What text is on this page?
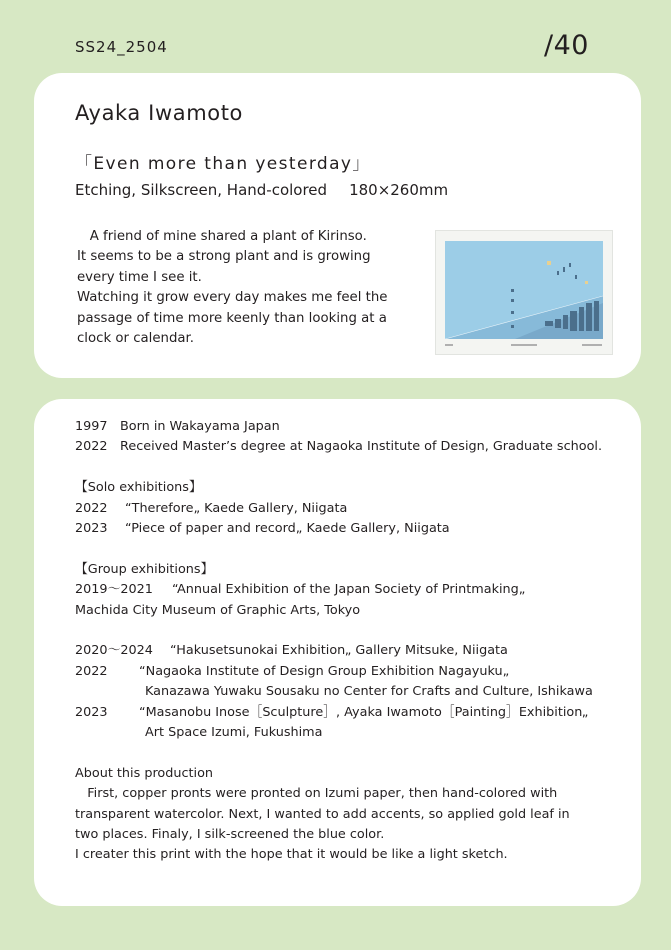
SS24_2504	/40
Ayaka Iwamoto
「Even more than yesterday」
Etching, Silkscreen, Hand-colored 180×260mm

A friend of mine shared a plant of Kirinso.

It seems to be a strong plant and is growing

every time I see it.

Watching it grow every day makes me feel the

passage of time more keenly than looking at a

clock or calendar.

1997 Born in Wakayama Japan
2022 Received Master’s degree at Nagaoka Institute of Design, Graduate school.
【Solo exhibitions】
2022	“Therefore„ Kaede Gallery, Niigata
2023	“Piece of paper and record„ Kaede Gallery, Niigata
【Group exhibitions】
2019～2021	“Annual Exhibition of the Japan Society of Printmaking„
Machida City Museum of Graphic Arts, Tokyo
2020～2024	“Hakusetsunokai Exhibition„ Gallery Mitsuke, Niigata
2022	“Nagaoka Institute of Design Group Exhibition Nagayuku„
Kanazawa Yuwaku Sousaku no Center for Crafts and Culture, Ishikawa
2023	“Masanobu Inose［Sculpture］, Ayaka Iwamoto［Painting］Exhibition„
Art Space Izumi, Fukushima
About this production
First, copper pronts were pronted on Izumi paper, then hand-colored with
transparent watercolor. Next, I wanted to add accents, so applied gold leaf in
two places. Finaly, I silk-screened the blue color.
I creater this print with the hope that it would be like a light sketch.
